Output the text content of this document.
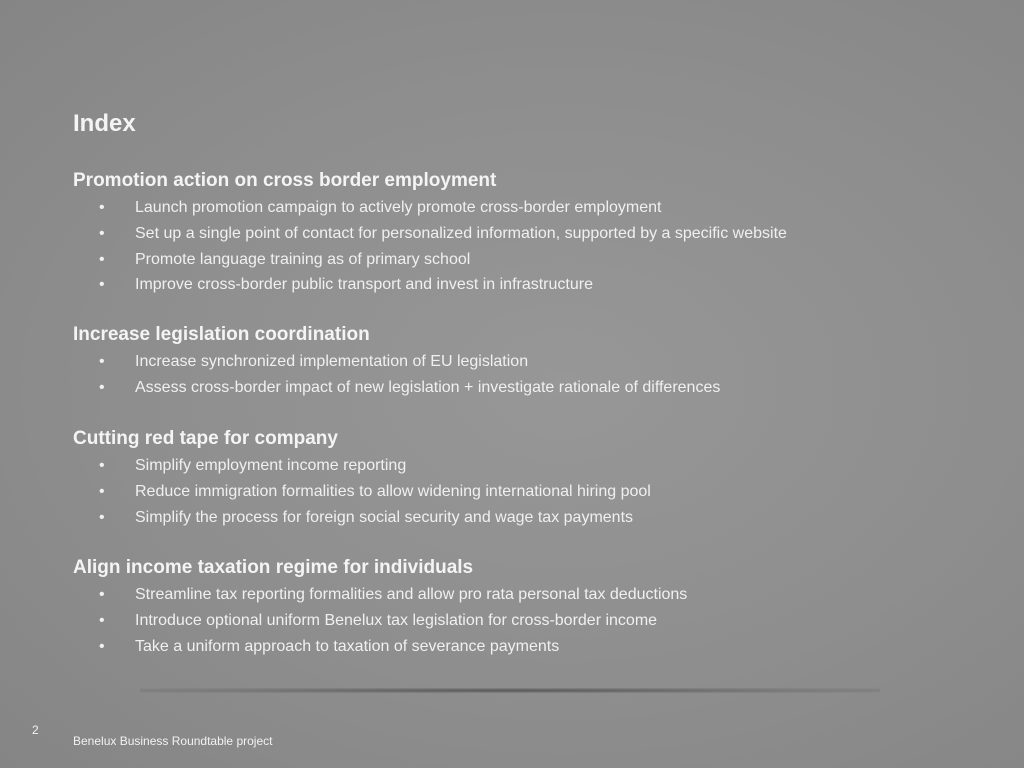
Index
Promotion action on cross border employment
• Launch promotion campaign to actively promote cross-border employment
• Set up a single point of contact for personalized information, supported by a specific website
• Promote language training as of primary school
• Improve cross-border public transport and invest in infrastructure
Increase legislation coordination
• Increase synchronized implementation of EU legislation
• Assess cross-border impact of new legislation + investigate rationale of differences
Cutting red tape for company
• Simplify employment income reporting
• Reduce immigration formalities to allow widening international hiring pool
• Simplify the process for foreign social security and wage tax payments
Align income taxation regime for individuals
• Streamline tax reporting formalities and allow pro rata personal tax deductions
• Introduce optional uniform Benelux tax legislation for cross-border income
• Take a uniform approach to taxation of severance payments
2
Benelux Business Roundtable project
